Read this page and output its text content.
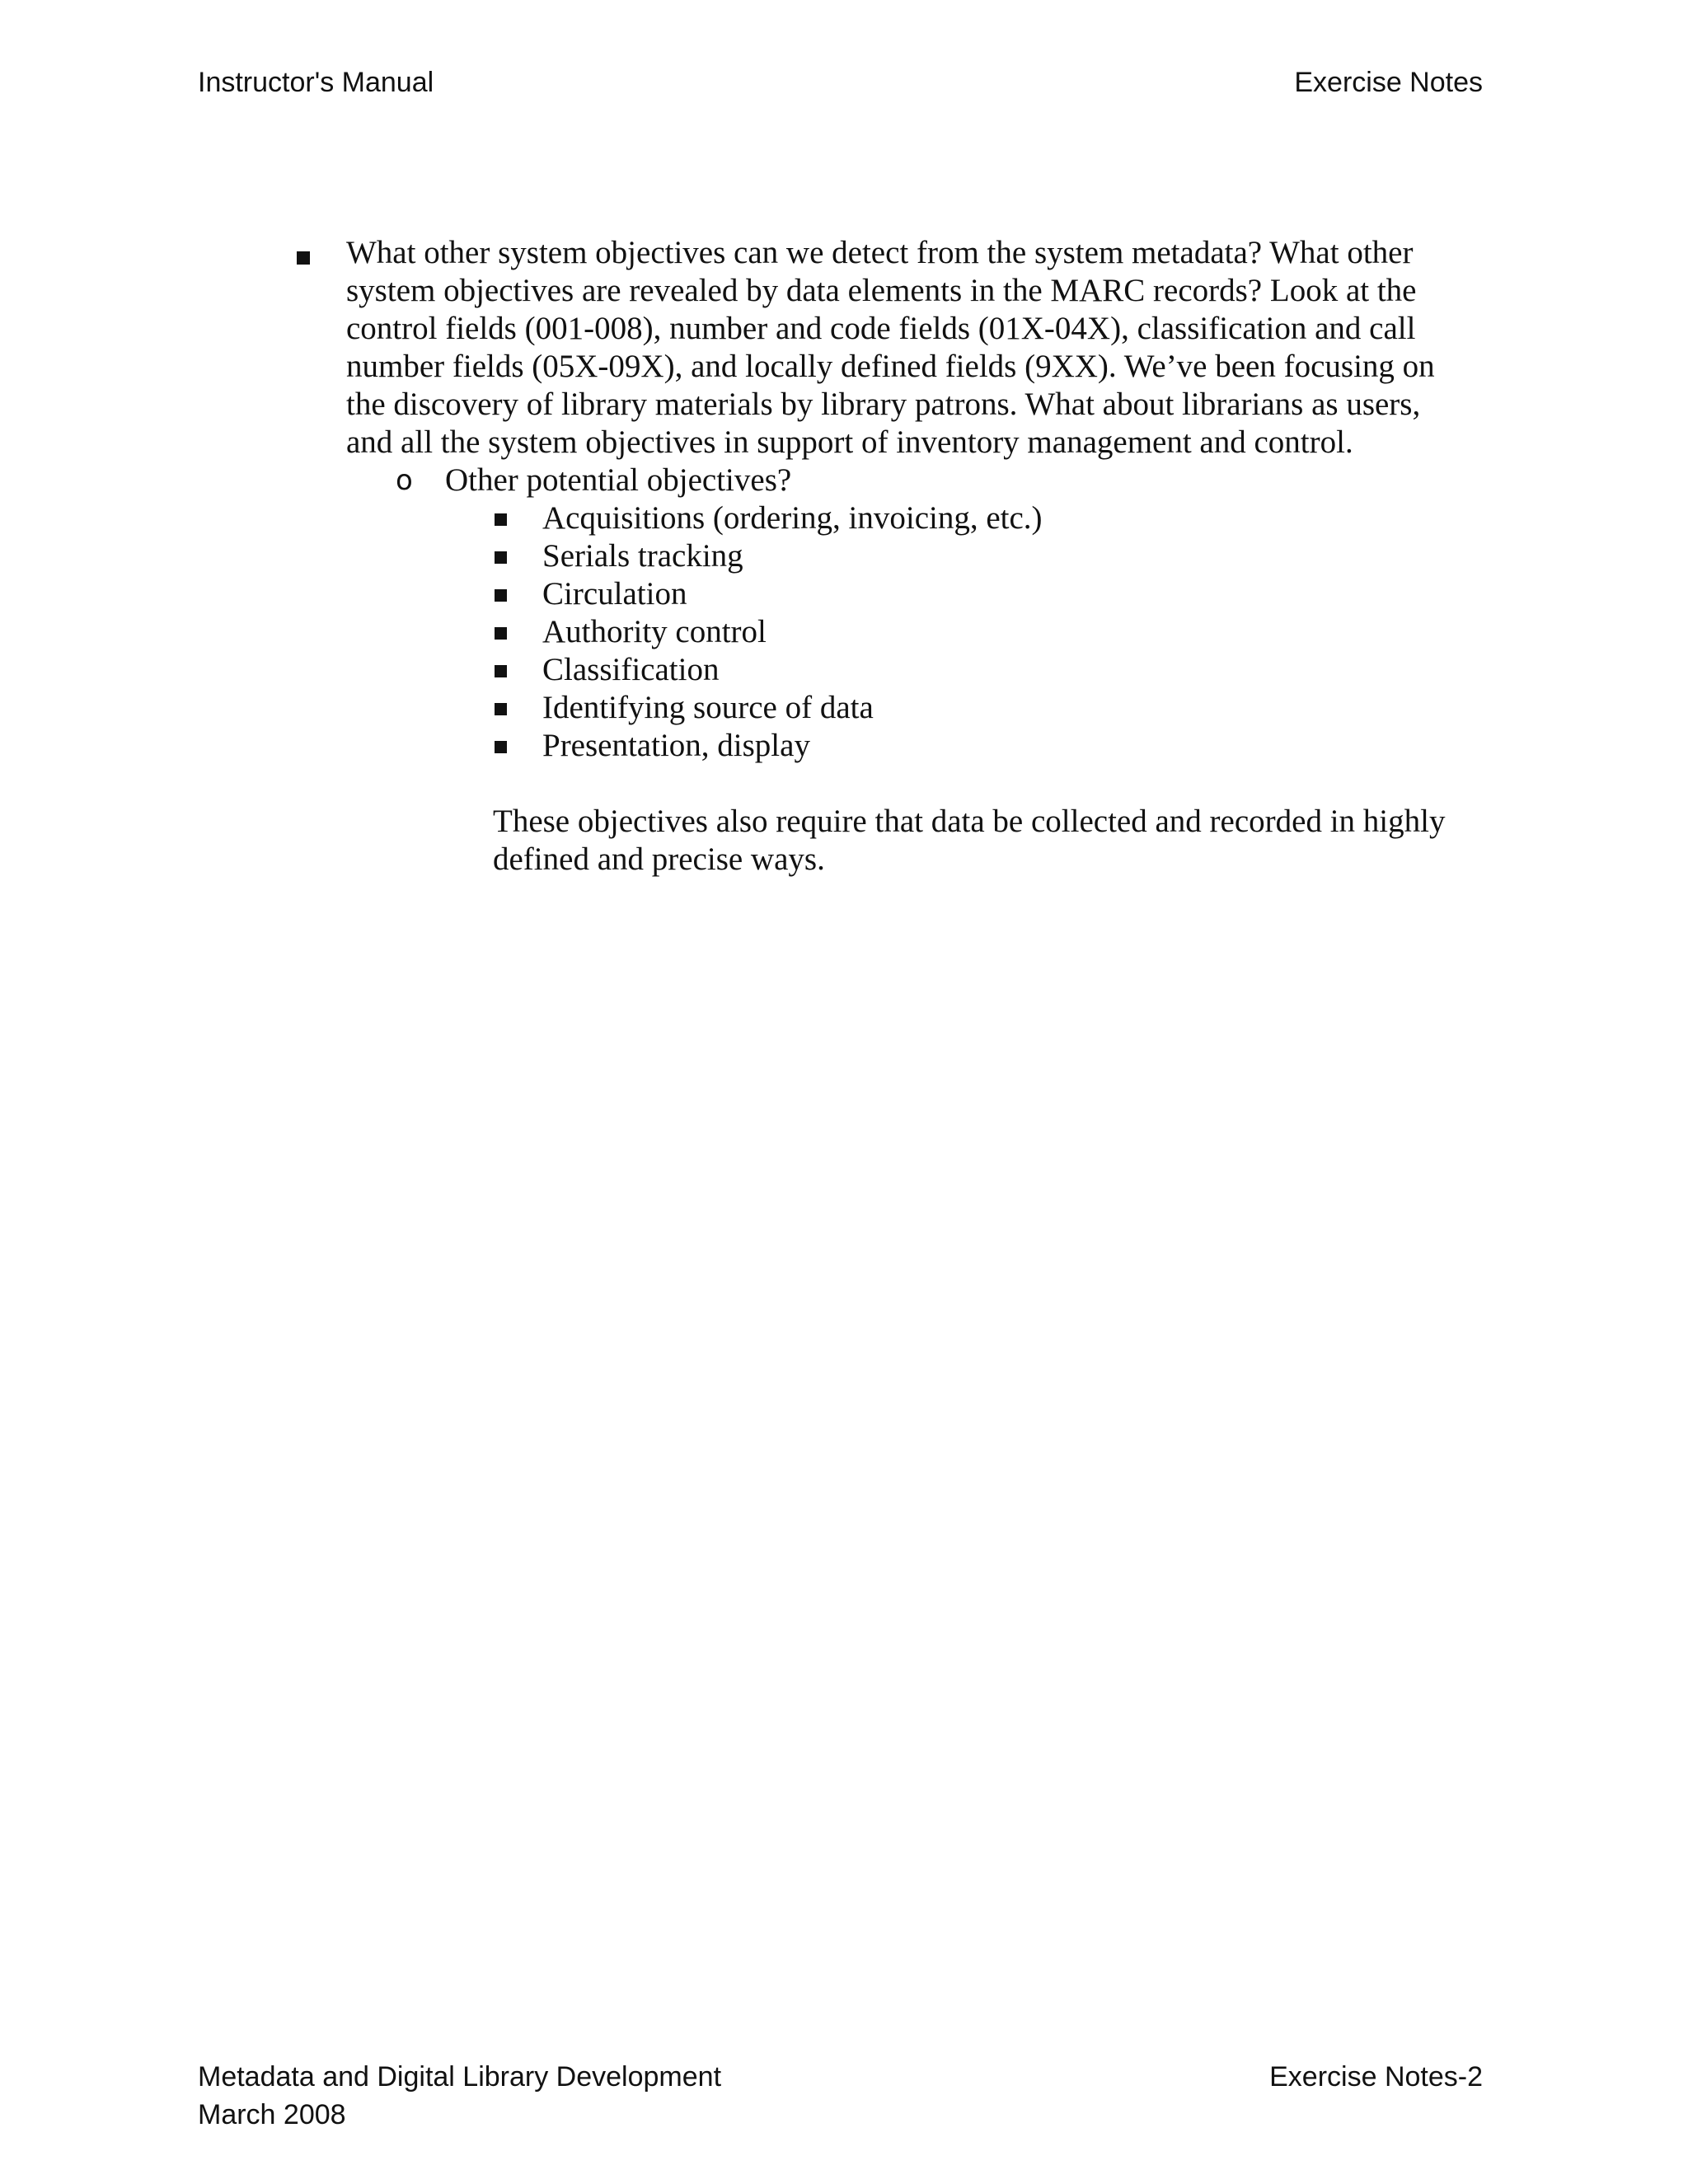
Instructor's Manual	Exercise Notes

What other system objectives can we detect from the system metadata? What other
system objectives are revealed by data elements in the MARC records? Look at the
control fields (001-008), number and code fields (01X-04X), classification and call
number fields (05X-09X), and locally defined fields (9XX). We’ve been focusing on
the discovery of library materials by library patrons. What about librarians as users,
and all the system objectives in support of inventory management and control.

o Other potential objectives?
Acquisitions (ordering, invoicing, etc.)
Serials tracking
Circulation
Authority control
Classification
Identifying source of data
Presentation, display

These objectives also require that data be collected and recorded in highly
defined and precise ways.

Metadata and Digital Library Development
March 2008
Exercise Notes-2
